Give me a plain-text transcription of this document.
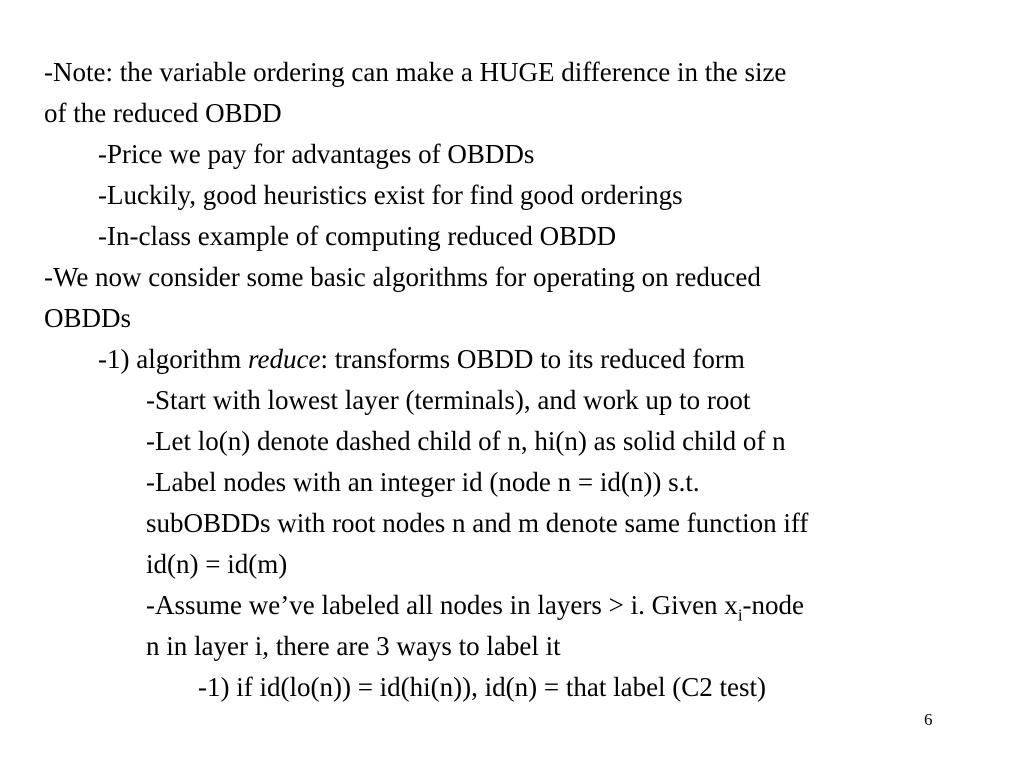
-Note: the variable ordering can make a HUGE difference in the size
of the reduced OBDD
-Price we pay for advantages of OBDDs
-Luckily, good heuristics exist for find good orderings
-In-class example of computing reduced OBDD
-We now consider some basic algorithms for operating on reduced
OBDDs
-1) algorithm reduce: transforms OBDD to its reduced form
-Start with lowest layer (terminals), and work up to root
-Let lo(n) denote dashed child of n, hi(n) as solid child of n
-Label nodes with an integer id (node n = id(n)) s.t.
subOBDDs with root nodes n and m denote same function iff
id(n) = id(m)
-Assume we’ve labeled all nodes in layers > i. Given $x_i$-node
n in layer i, there are 3 ways to label it
-1) if id(lo(n)) = id(hi(n)), id(n) = that label (C2 test)
6
